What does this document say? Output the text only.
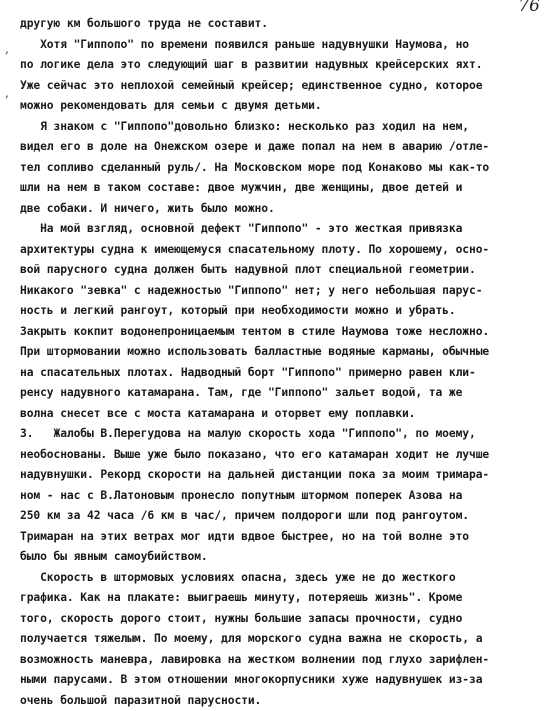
76
‚
‚
другую км большого труда не составит.
Хотя "Гиппопо" по времени появился раньше надувнушки Наумова, но
по логике дела это следующий шаг в развитии надувных крейсерских яхт.
Уже сейчас это неплохой семейный крейсер; единственное судно, которое
можно рекомендовать для семьи с двумя детьми.
Я знаком с "Гиппопо"довольно близко: несколько раз ходил на нем,
видел его в доле на Онежском озере и даже попал на нем в аварию /отле-
тел сопливо сделанный руль/. На Московском море под Конаково мы как-то
шли на нем в таком составе: двое мужчин, две женщины, двое детей и
две собаки. И ничего, жить было можно.
На мой взгляд, основной дефект "Гиппопо" - это жесткая привязка
архитектуры судна к имеющемуся спасательному плоту. По хорошему, осно-
вой парусного судна должен быть надувной плот специальной геометрии.
Никакого "зевка" с надежностью "Гиппопо" нет; у него небольшая парус-
ность и легкий рангоут, который при необходимости можно и убрать.
Закрыть кокпит водонепроницаемым тентом в стиле Наумова тоже несложно.
При штормовании можно использовать балластные водяные карманы, обычные
на спасательных плотах. Надводный борт "Гиппопо" примерно равен кли-
ренсу надувного катамарана. Там, где "Гиппопо" зальет водой, та же
волна снесет все с моста катамарана и оторвет ему поплавки.
3.   Жалобы В.Перегудова на малую скорость хода "Гиппопо", по моему,
необоснованы. Выше уже было показано, что его катамаран ходит не лучше
надувнушки. Рекорд скорости на дальней дистанции пока за моим тримара-
ном - нас с В.Латоновым пронесло попутным штормом поперек Азова на
250 км за 42 часа /6 км в час/, причем полдороги шли под рангоутом.
Тримаран на этих ветрах мог идти вдвое быстрее, но на той волне это
было бы явным самоубийством.
Скорость в штормовых условиях опасна, здесь уже не до жесткого
графика. Как на плакате: выиграешь минуту, потеряешь жизнь". Кроме
того, скорость дорого стоит, нужны большие запасы прочности, судно
получается тяжелым. По моему, для морского судна важна не скорость, а
возможность маневра, лавировка на жестком волнении под глухо зарифлен-
ными парусами. В этом отношении многокорпусники хуже надувнушек из-за
очень большой паразитной парусности.
